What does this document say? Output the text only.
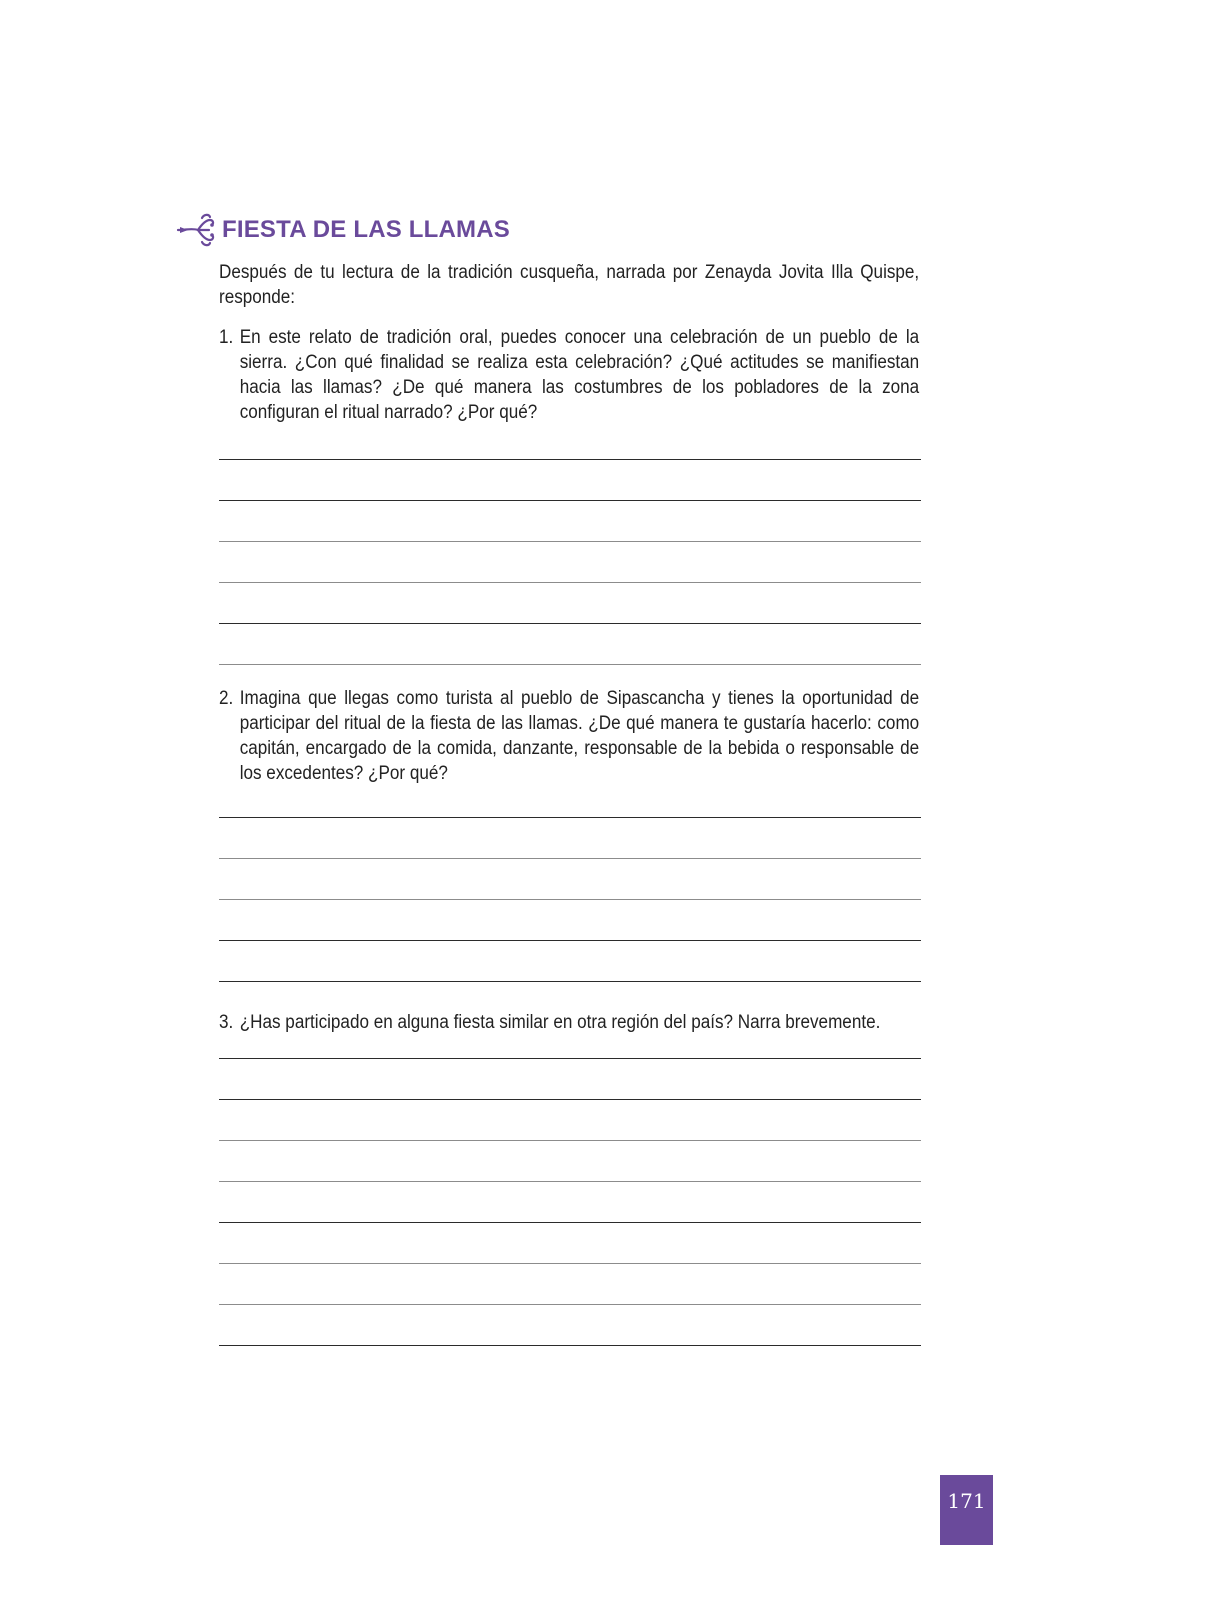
FIESTA DE LAS LLAMAS
Después de tu lectura de la tradición cusqueña, narrada por Zenayda Jovita Illa Quispe, responde:
1. En este relato de tradición oral, puedes conocer una celebración de un pueblo de la sierra. ¿Con qué finalidad se realiza esta celebración? ¿Qué actitudes se manifiestan hacia las llamas? ¿De qué manera las costumbres de los pobladores de la zona configuran el ritual narrado? ¿Por qué?
2. Imagina que llegas como turista al pueblo de Sipascancha y tienes la oportunidad de participar del ritual de la fiesta de las llamas. ¿De qué manera te gustaría hacerlo: como capitán, encargado de la comida, danzante, responsable de la bebida o responsable de los excedentes? ¿Por qué?
3. ¿Has participado en alguna fiesta similar en otra región del país? Narra brevemente.
171
